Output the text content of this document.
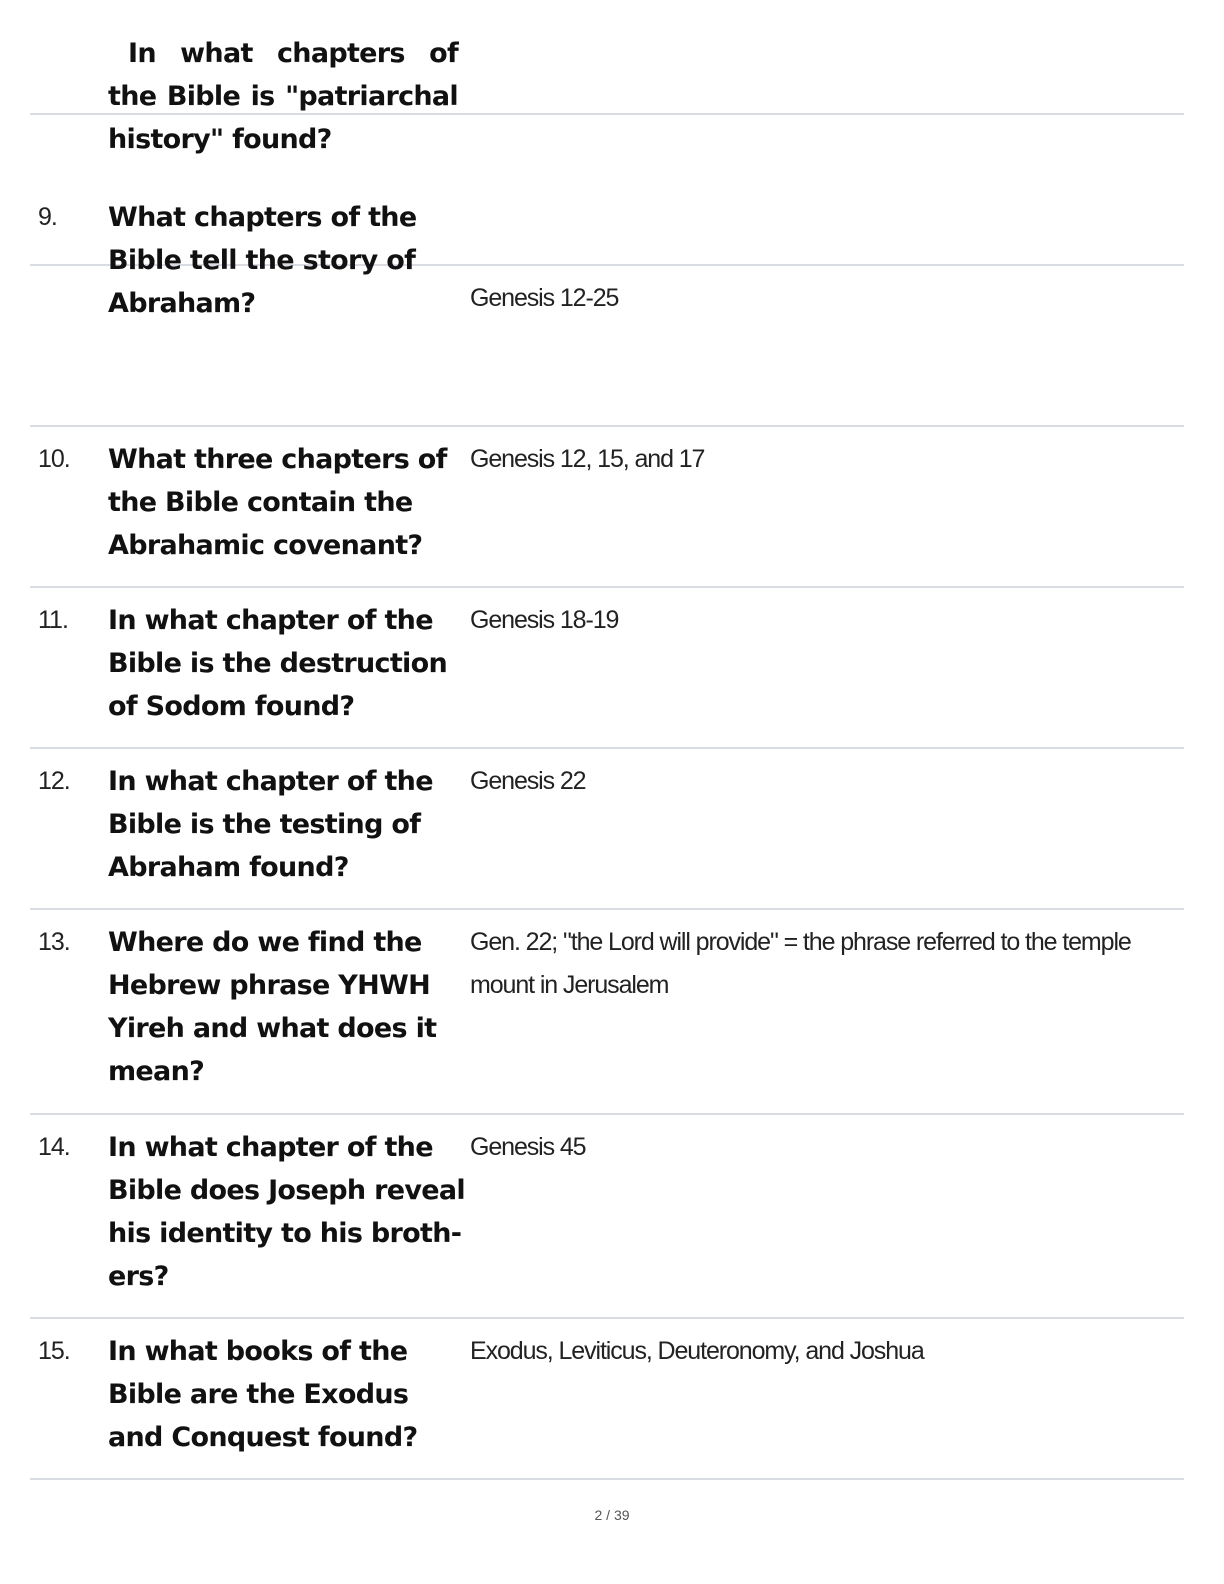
In what chapters of
the Bible is "patriarchal
history" found?
9. What chapters of the
Bible tell the story of
Abraham?	Genesis 12-25
10. What three chapters of
the Bible contain the
Abrahamic covenant?
Genesis 12, 15, and 17
11. In what chapter of the
Bible is the destruction
of Sodom found?
Genesis 18-19
12. In what chapter of the
Bible is the testing of
Abraham found?
Genesis 22
13. Where do we find the
Hebrew phrase YHWH
Yireh and what does it
mean?
Gen. 22; "the Lord will provide" = the phrase referred to the temple
mount in Jerusalem
14. In what chapter of the
Bible does Joseph reveal
his identity to his broth-
ers?
Genesis 45
15. In what books of the
Bible are the Exodus
and Conquest found?
Exodus, Leviticus, Deuteronomy, and Joshua
2 / 39
